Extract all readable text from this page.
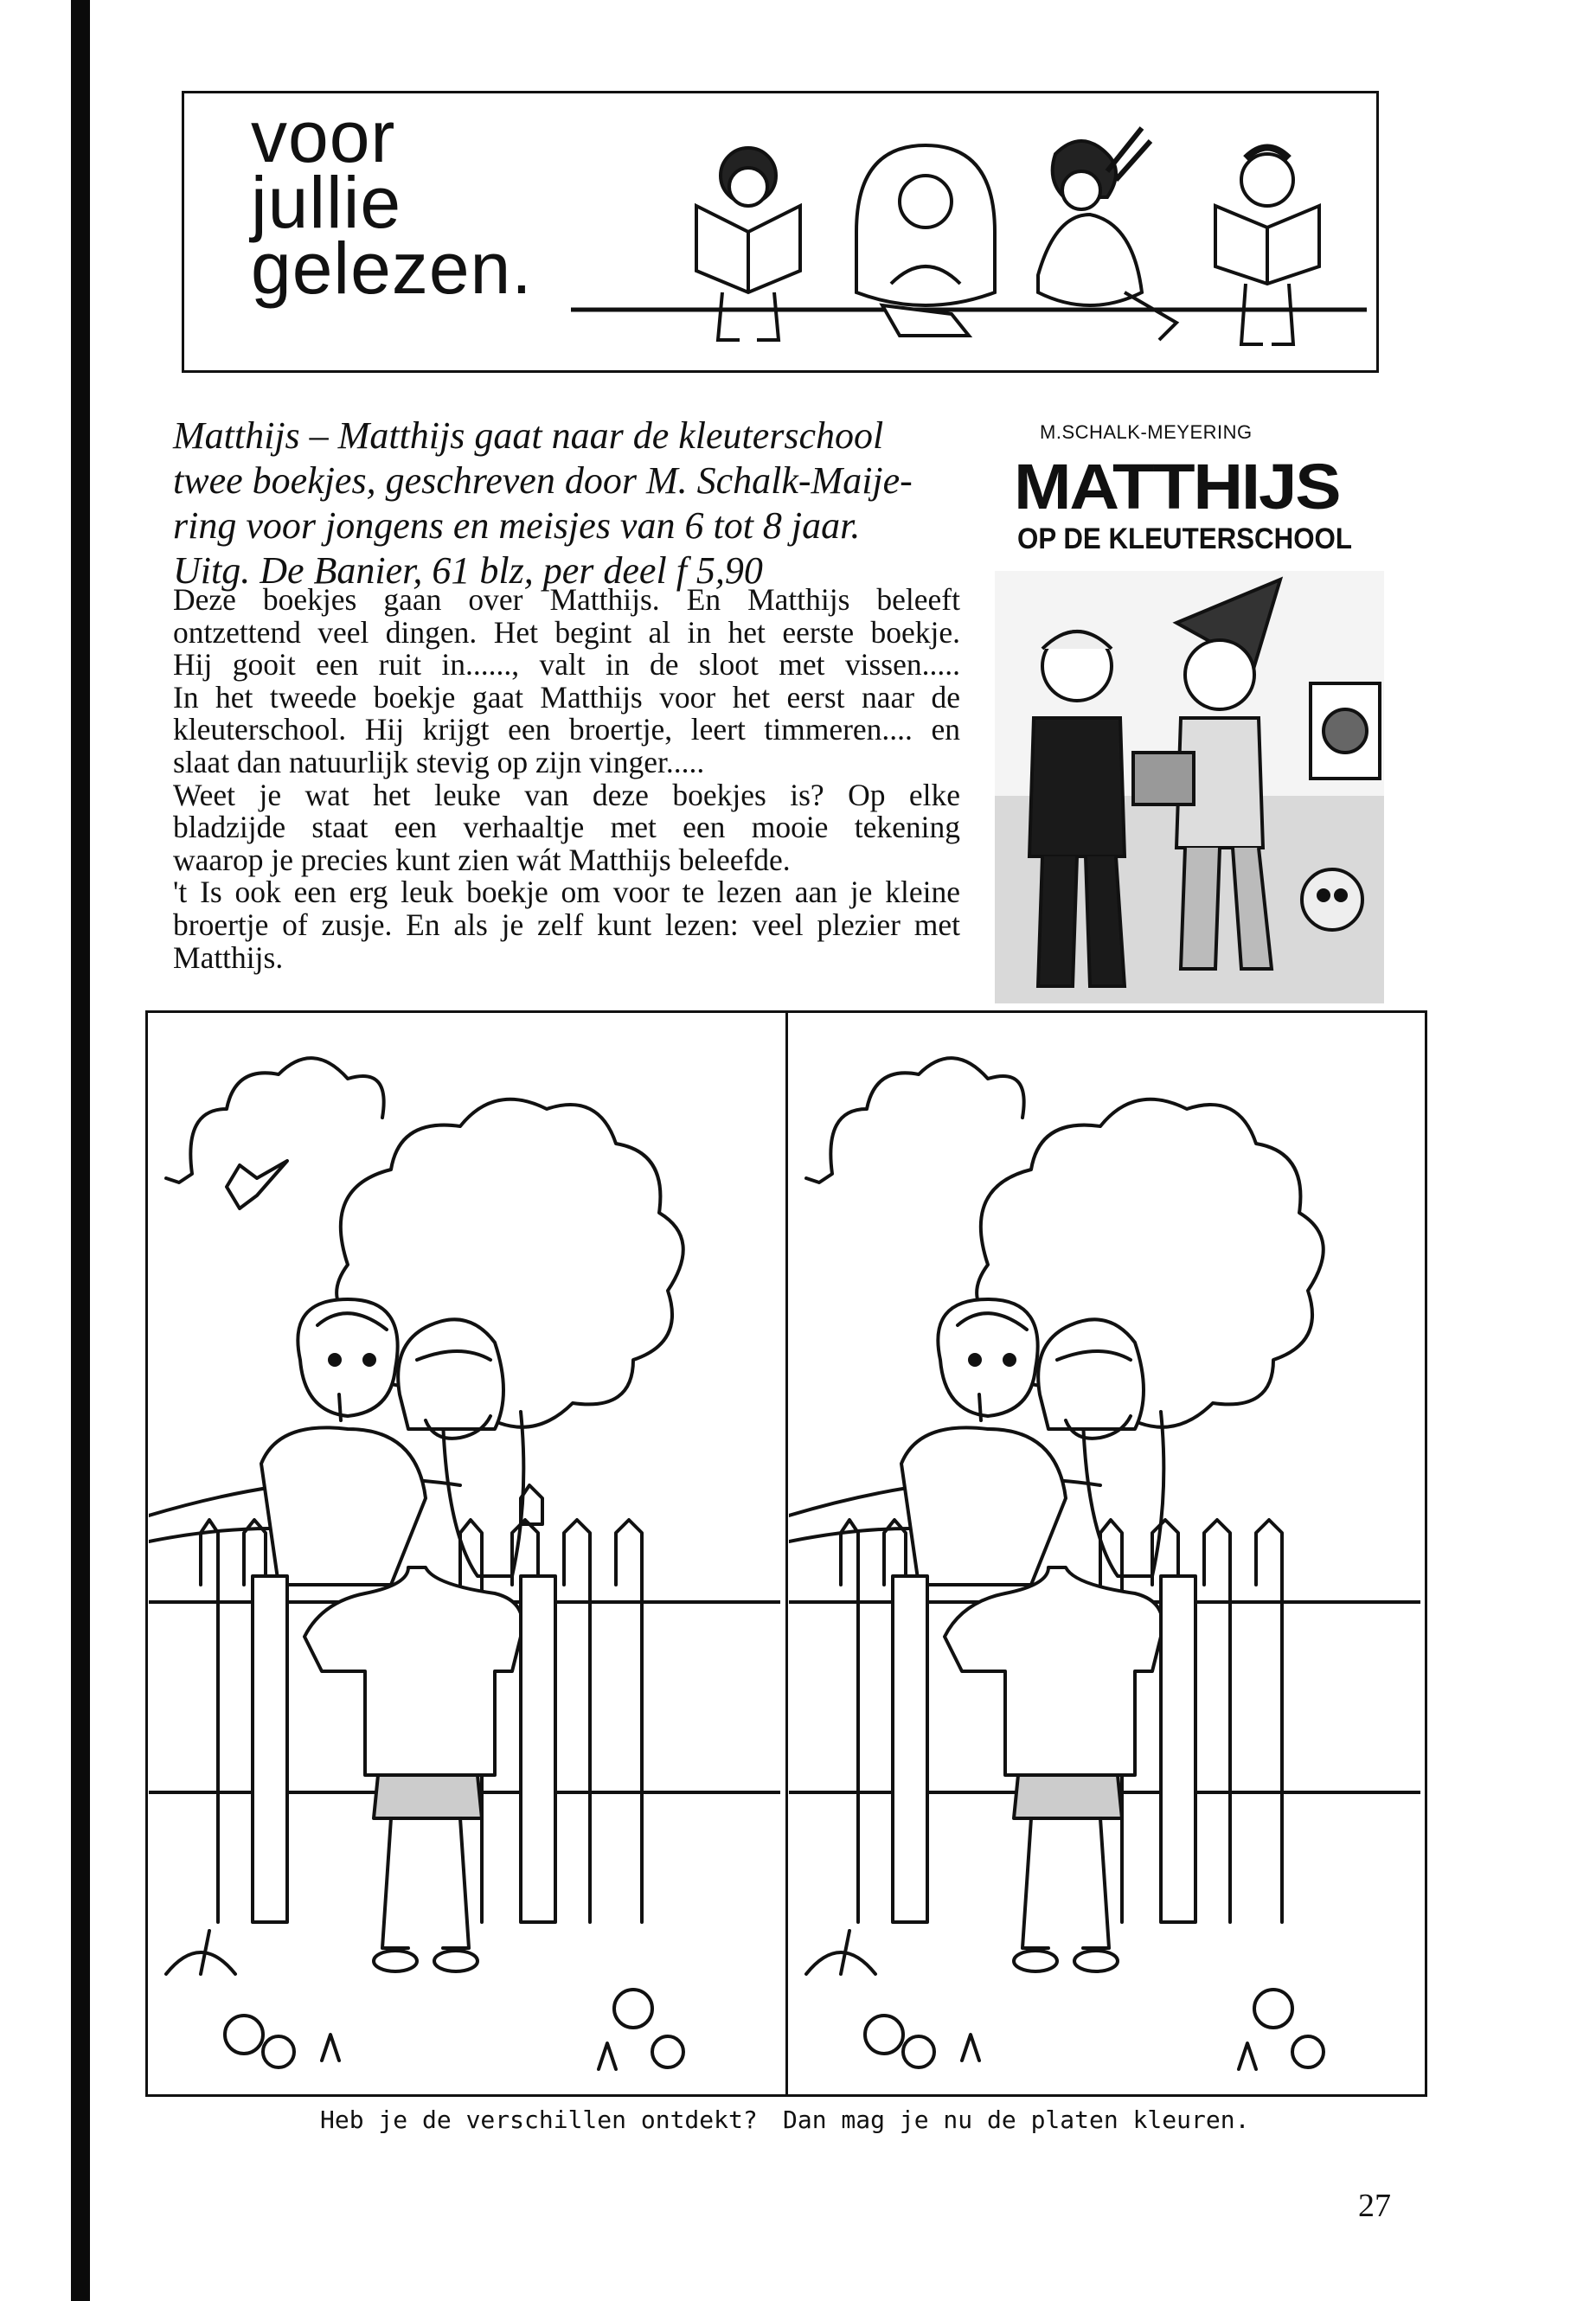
voor
jullie
gelezen.
Matthijs – Matthijs gaat naar de kleuterschool
twee boekjes, geschreven door M. Schalk-Maije-
ring voor jongens en meisjes van 6 tot 8 jaar.
Uitg. De Banier, 61 blz, per deel f 5,90
Deze boekjes gaan over Matthijs. En Matthijs beleeft
ontzettend veel dingen. Het begint al in het eerste boekje.
Hij gooit een ruit in......, valt in de sloot met vissen.....
In het tweede boekje gaat Matthijs voor het eerst naar de
kleuterschool. Hij krijgt een broertje, leert timmeren.... en
slaat dan natuurlijk stevig op zijn vinger.....
Weet je wat het leuke van deze boekjes is? Op elke
bladzijde staat een verhaaltje met een mooie tekening
waarop je precies kunt zien wát Matthijs beleefde.
't Is ook een erg leuk boekje om voor te lezen aan je kleine
broertje of zusje. En als je zelf kunt lezen: veel plezier met
Matthijs.
M.SCHALK-MEYERING
MATTHIJS
OP DE KLEUTERSCHOOL
Heb je de verschillen ontdekt? Dan mag je nu de platen kleuren.
27
